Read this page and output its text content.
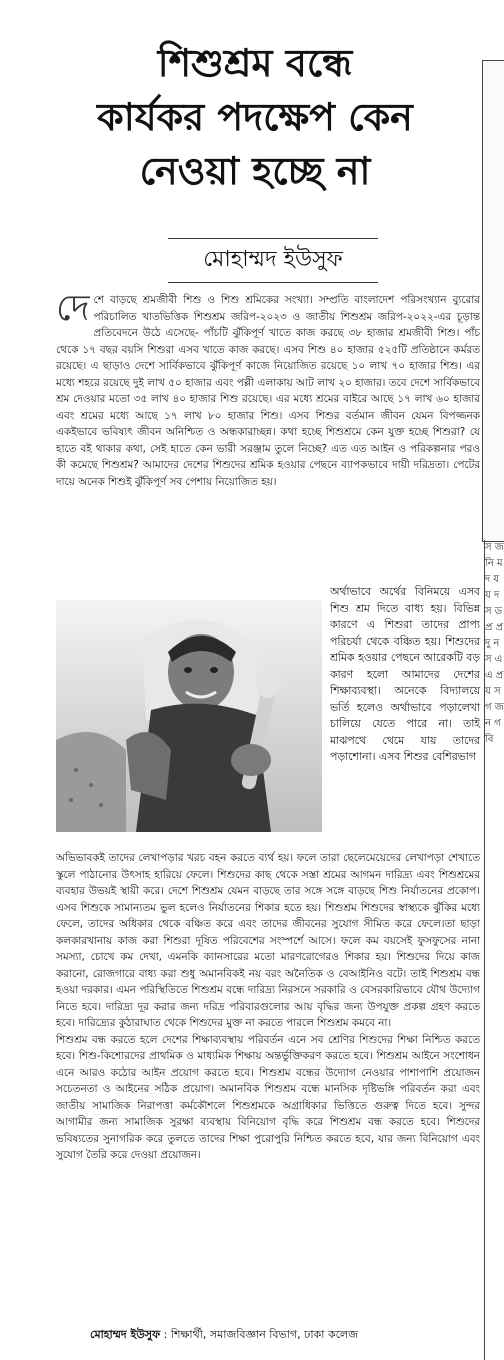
স জ নি ম দ য য দ স ড প্র প্র দু ন স এ এ প্র য স গ জ ন গ বি
শিশুশ্রম বন্ধে
কার্যকর পদক্ষেপ কেন
নেওয়া হচ্ছে না
মোহাম্মদ ইউসুফ
দে শে বাড়ছে শ্রমজীবী শিশু ও শিশু শ্রমিকের সংখ্যা। সম্প্রতি বাংলাদেশ পরিসংখ্যান ব্যুরোর পরিচালিত খাতভিত্তিক শিশুশ্রম জরিপ-২০২৩ ও জাতীয় শিশুশ্রম জরিপ-২০২২-এর চূড়ান্ত প্রতিবেদনে উঠে এসেছে- পাঁচটি ঝুঁকিপূর্ণ খাতে কাজ করছে ৩৮ হাজার শ্রমজীবী শিশু। পাঁচ থেকে ১৭ বছর বয়সি শিশুরা এসব খাতে কাজ করছে। এসব শিশু ৪০ হাজার ৫২৫টি প্রতিষ্ঠানে কর্মরত রয়েছে। এ ছাড়াও দেশে সার্বিকভাবে ঝুঁকিপূর্ণ কাজে নিয়োজিত রয়েছে ১০ লাখ ৭০ হাজার শিশু। এর মধ্যে শহরে রয়েছে দুই লাখ ৫০ হাজার এবং পল্লী এলাকায় আট লাখ ২০ হাজার। তবে দেশে সার্বিকভাবে শ্রম দেওয়ার মতো ৩৫ লাখ ৪০ হাজার শিশু রয়েছে। এর মধ্যে শ্রমের বাইরে আছে ১৭ লাখ ৬০ হাজার এবং শ্রমের মধ্যে আছে ১৭ লাখ ৮০ হাজার শিশু। এসব শিশুর বর্তমান জীবন যেমন বিপজ্জনক একইভাবে ভবিষ্যৎ জীবন অনিশ্চিত ও অন্ধকারাচ্ছন্ন। কথা হচ্ছে শিশুশ্রমে কেন যুক্ত হচ্ছে শিশুরা? যে হাতে বই থাকার কথা, সেই হাতে কেন ভারী সরঞ্জাম তুলে নিচ্ছে? এত এত আইন ও পরিকল্পনার পরও কী কমেছে শিশুশ্রম? আমাদের দেশের শিশুদের শ্রমিক হওয়ার পেছনে ব্যাপকভাবে দায়ী দরিদ্রতা। পেটের দায়ে অনেক শিশুই ঝুঁকিপূর্ণ সব পেশায় নিয়োজিত হয়।
অর্থাভাবে অর্থের বিনিময়ে এসব শিশু শ্রম দিতে বাধ্য হয়। বিভিন্ন কারণে এ শিশুরা তাদের প্রাপ্য পরিচর্যা থেকে বঞ্চিত হয়। শিশুদের শ্রমিক হওয়ার পেছনে আরেকটি বড় কারণ হলো আমাদের দেশের শিক্ষাব্যবস্থা। অনেকে বিদ্যালয়ে ভর্তি হলেও অর্থাভাবে পড়ালেখা চালিয়ে যেতে পারে না। তাই মাঝপথে থেমে যায় তাদের পড়াশোনা। এসব শিশুর বেশিরভাগ

অভিভাবকই তাদের লেখাপড়ার খরচ বহন করতে ব্যর্থ হয়। ফলে তারা ছেলেমেয়েদের লেখাপড়া শেখাতে স্কুলে পাঠানোর উৎসাহ হারিয়ে ফেলে। শিশুদের কাছ থেকে সস্তা শ্রমের আগমন দারিদ্র্য এবং শিশুশ্রমের ব্যবহার উভয়ই স্থায়ী করে। দেশে শিশুশ্রম যেমন বাড়ছে তার সঙ্গে সঙ্গে বাড়ছে শিশু নির্যাতনের প্রকোপ। এসব শিশুকে সামান্যতম ভুল হলেও নির্যাতনের শিকার হতে হয়। শিশুশ্রম শিশুদের স্বাস্থ্যকে ঝুঁকির মধ্যে ফেলে, তাদের অধিকার থেকে বঞ্চিত করে এবং তাদের জীবনের সুযোগ সীমিত করে ফেলে।তা ছাড়া কলকারখানায় কাজ করা শিশুরা দূষিত পরিবেশের সংস্পর্শে আসে। ফলে কম বয়সেই ফুসফুসের নানা সমস্যা, চোখে কম দেখা, এমনকি ক্যানসারের মতো মারণরোগেরও শিকার হয়। শিশুদের দিয়ে কাজ করানো, রোজগারে বাধ্য করা শুধু অমানবিকই নয় বরং অনৈতিক ও বেআইনিও বটে। তাই শিশুশ্রম বন্ধ হওয়া দরকার। এমন পরিস্থিতিতে শিশুশ্রম বন্ধে দারিদ্র্য নিরসনে সরকারি ও বেসরকারিভাবে যৌথ উদ্যোগ নিতে হবে। দারিদ্র্য দূর করার জন্য দরিদ্র পরিবারগুলোর আয় বৃদ্ধির জন্য উপযুক্ত প্রকল্প গ্রহণ করতে হবে। দারিদ্র্যের কুঠারাঘাত থেকে শিশুদের মুক্ত না করতে পারলে শিশুশ্রম কমবে না।

শিশুশ্রম বন্ধ করতে হলে দেশের শিক্ষাব্যবস্থায় পরিবর্তন এনে সব শ্রেণির শিশুদের শিক্ষা নিশ্চিত করতে হবে। শিশু-কিশোরদের প্রাথমিক ও মাধ্যমিক শিক্ষায় অন্তর্ভুক্তিকরণ করতে হবে। শিশুশ্রম আইনে সংশোধন এনে আরও কঠোর আইন প্রয়োগ করতে হবে। শিশুশ্রম বন্ধের উদ্যোগ নেওয়ার পাশাপাশি প্রয়োজন সচেতনতা ও আইনের সঠিক প্রয়োগ। অমানবিক শিশুশ্রম বন্ধে মানসিক দৃষ্টিভঙ্গি পরিবর্তন করা এবং জাতীয় সামাজিক নিরাপত্তা কর্মকৌশলে শিশুশ্রমকে অগ্রাধিকার ভিত্তিতে গুরুত্ব দিতে হবে। সুন্দর আগামীর জন্য সামাজিক সুরক্ষা ব্যবস্থায় বিনিয়োগ বৃদ্ধি করে শিশুশ্রম বন্ধ করতে হবে। শিশুদের ভবিষ্যতের সুনাগরিক করে তুলতে তাদের শিক্ষা পুরোপুরি নিশ্চিত করতে হবে, যার জন্য বিনিয়োগ এবং সুযোগ তৈরি করে দেওয়া প্রয়োজন।

মোহাম্মদ ইউসুফ : শিক্ষার্থী, সমাজবিজ্ঞান বিভাগ, ঢাকা কলেজ
